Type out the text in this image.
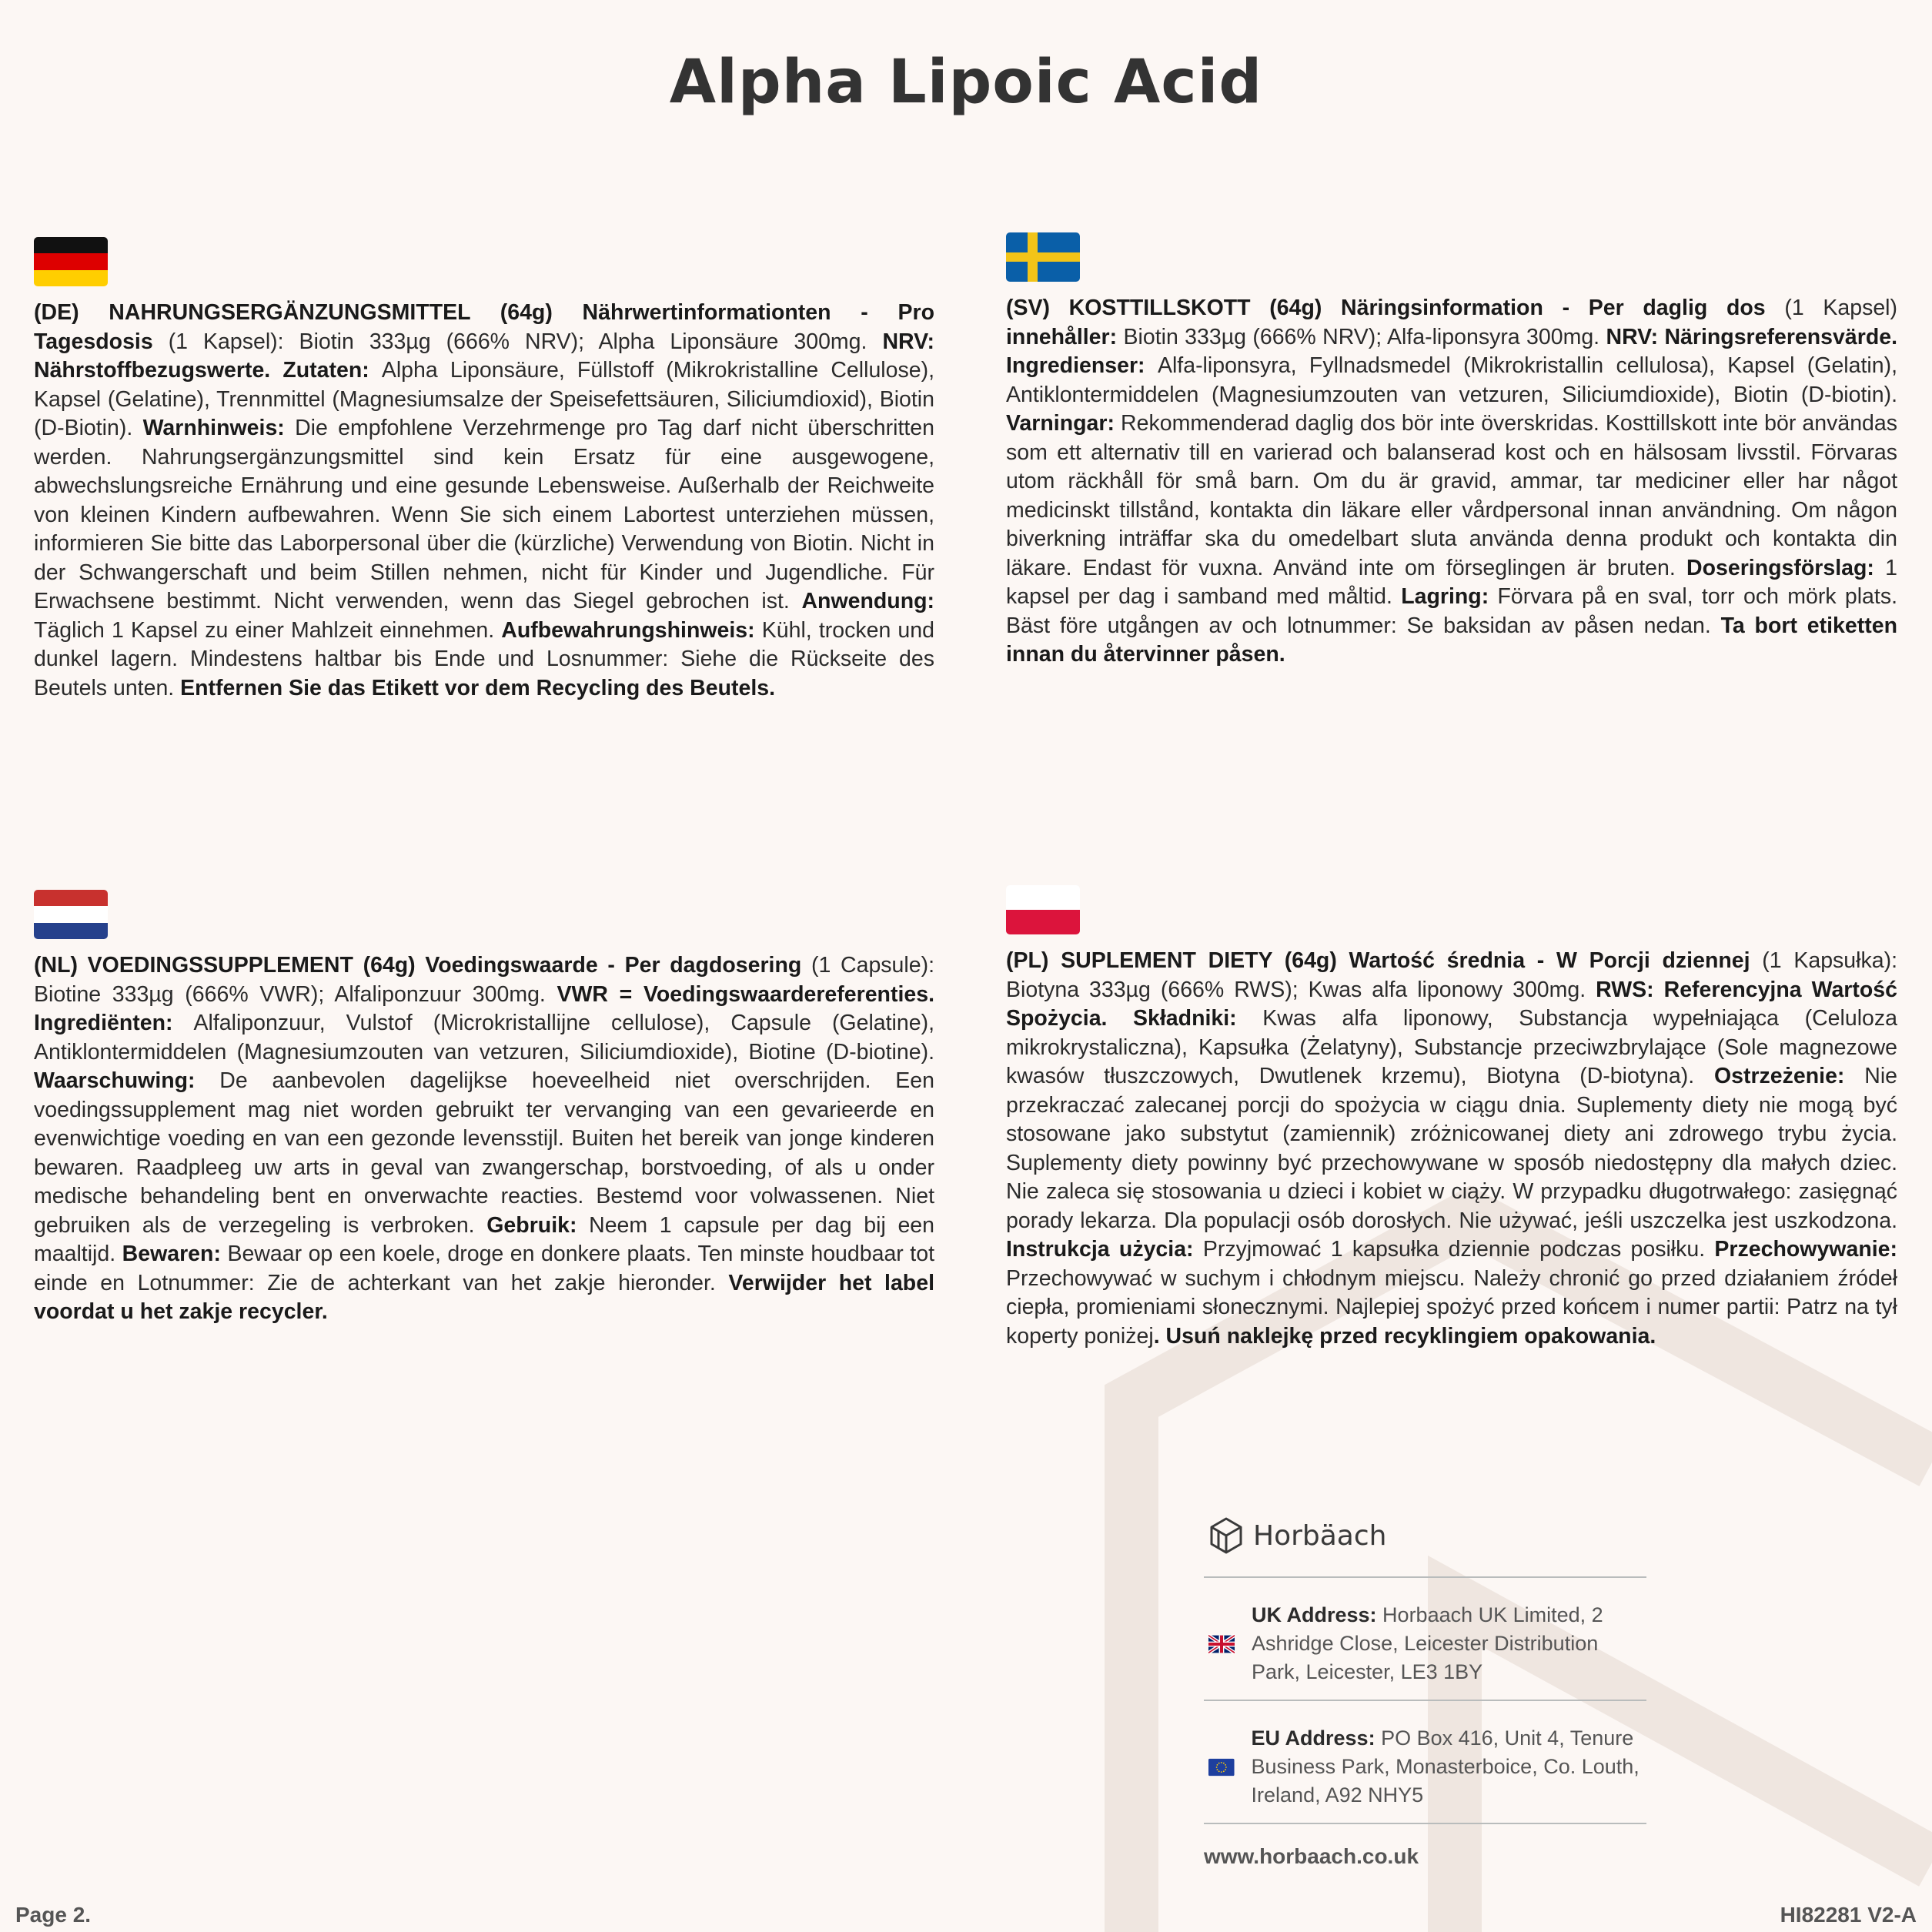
Alpha Lipoic Acid

(DE) NAHRUNGSERGÄNZUNGSMITTEL (64g) Nährwertinformationten - Pro Tagesdosis (1 Kapsel): Biotin 333µg (666% NRV); Alpha Liponsäure 300mg. NRV: Nährstoffbezugswerte. Zutaten: Alpha Liponsäure, Füllstoff (Mikrokristalline Cellulose), Kapsel (Gelatine), Trennmittel (Magnesiumsalze der Speisefettsäuren, Siliciumdioxid), Biotin (D-Biotin). Warnhinweis: Die empfohlene Verzehrmenge pro Tag darf nicht überschritten werden. Nahrungsergänzungsmittel sind kein Ersatz für eine ausgewogene, abwechslungsreiche Ernährung und eine gesunde Lebensweise. Außerhalb der Reichweite von kleinen Kindern aufbewahren. Wenn Sie sich einem Labortest unterziehen müssen, informieren Sie bitte das Laborpersonal über die (kürzliche) Verwendung von Biotin. Nicht in der Schwangerschaft und beim Stillen nehmen, nicht für Kinder und Jugendliche. Für Erwachsene bestimmt. Nicht verwenden, wenn das Siegel gebrochen ist. Anwendung: Täglich 1 Kapsel zu einer Mahlzeit einnehmen. Aufbewahrungshinweis: Kühl, trocken und dunkel lagern. Mindestens haltbar bis Ende und Losnummer: Siehe die Rückseite des Beutels unten. Entfernen Sie das Etikett vor dem Recycling des Beutels.

(SV) KOSTTILLSKOTT (64g) Näringsinformation - Per daglig dos (1 Kapsel) innehåller: Biotin 333µg (666% NRV); Alfa-liponsyra 300mg. NRV: Näringsreferensvärde. Ingredienser: Alfa-liponsyra, Fyllnadsmedel (Mikrokristallin cellulosa), Kapsel (Gelatin), Antiklontermiddelen (Magnesiumzouten van vetzuren, Siliciumdioxide), Biotin (D-biotin). Varningar: Rekommenderad daglig dos bör inte överskridas. Kosttillskott inte bör användas som ett alternativ till en varierad och balanserad kost och en hälsosam livsstil. Förvaras utom räckhåll för små barn. Om du är gravid, ammar, tar mediciner eller har något medicinskt tillstånd, kontakta din läkare eller vårdpersonal innan användning. Om någon biverkning inträffar ska du omedelbart sluta använda denna produkt och kontakta din läkare. Endast för vuxna. Använd inte om förseglingen är bruten. Doseringsförslag: 1 kapsel per dag i samband med måltid. Lagring: Förvara på en sval, torr och mörk plats. Bäst före utgången av och lotnummer: Se baksidan av påsen nedan. Ta bort etiketten innan du återvinner påsen.

(NL) VOEDINGSSUPPLEMENT (64g) Voedingswaarde - Per dagdosering (1 Capsule): Biotine 333µg (666% VWR); Alfaliponzuur 300mg. VWR = Voedingswaardereferenties. Ingrediënten: Alfaliponzuur, Vulstof (Microkristallijne cellulose), Capsule (Gelatine), Antiklontermiddelen (Magnesiumzouten van vetzuren, Siliciumdioxide), Biotine (D-biotine). Waarschuwing: De aanbevolen dagelijkse hoeveelheid niet overschrijden. Een voedingssupplement mag niet worden gebruikt ter vervanging van een gevarieerde en evenwichtige voeding en van een gezonde levensstijl. Buiten het bereik van jonge kinderen bewaren. Raadpleeg uw arts in geval van zwangerschap, borstvoeding, of als u onder medische behandeling bent en onverwachte reacties. Bestemd voor volwassenen. Niet gebruiken als de verzegeling is verbroken. Gebruik: Neem 1 capsule per dag bij een maaltijd. Bewaren: Bewaar op een koele, droge en donkere plaats. Ten minste houdbaar tot einde en Lotnummer: Zie de achterkant van het zakje hieronder. Verwijder het label voordat u het zakje recycler.

(PL) SUPLEMENT DIETY (64g) Wartość średnia - W Porcji dziennej (1 Kapsułka): Biotyna 333µg (666% RWS); Kwas alfa liponowy 300mg. RWS: Referencyjna Wartość Spożycia. Składniki: Kwas alfa liponowy, Substancja wypełniająca (Celuloza mikrokrystaliczna), Kapsułka (Żelatyny), Substancje przeciwzbrylające (Sole magnezowe kwasów tłuszczowych, Dwutlenek krzemu), Biotyna (D-biotyna). Ostrzeżenie: Nie przekraczać zalecanej porcji do spożycia w ciągu dnia. Suplementy diety nie mogą być stosowane jako substytut (zamiennik) zróżnicowanej diety ani zdrowego trybu życia. Suplementy diety powinny być przechowywane w sposób niedostępny dla małych dziec. Nie zaleca się stosowania u dzieci i kobiet w ciąży. W przypadku długotrwałego: zasięgnąć porady lekarza. Dla populacji osób dorosłych. Nie używać, jeśli uszczelka jest uszkodzona. Instrukcja użycia: Przyjmować 1 kapsułka dziennie podczas posiłku. Przechowywanie: Przechowywać w suchym i chłodnym miejscu. Należy chronić go przed działaniem źródeł ciepła, promieniami słonecznymi. Najlepiej spożyć przed końcem i numer partii: Patrz na tył koperty poniżej. Usuń naklejkę przed recyklingiem opakowania.

Horbäach
UK Address: Horbaach UK Limited, 2 Ashridge Close, Leicester Distribution Park, Leicester, LE3 1BY
EU Address: PO Box 416, Unit 4, Tenure Business Park, Monasterboice, Co. Louth, Ireland, A92 NHY5
www.horbaach.co.uk
Page 2.	HI82281 V2-A
